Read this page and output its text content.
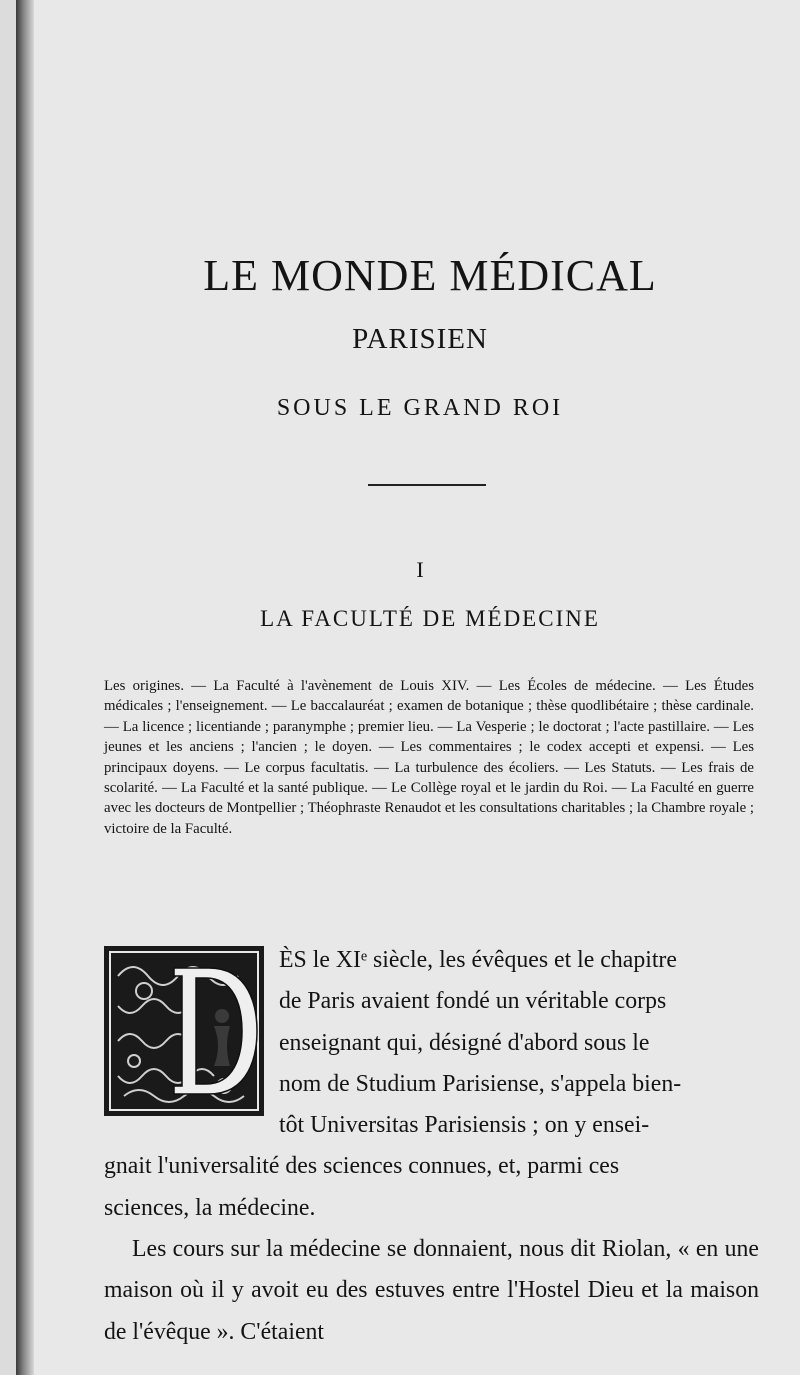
LE MONDE MÉDICAL
PARISIEN
SOUS LE GRAND ROI
I
LA FACULTÉ DE MÉDECINE
Les origines. — La Faculté à l'avènement de Louis XIV. — Les Écoles de médecine. — Les Études médicales ; l'enseignement. — Le baccalauréat ; examen de botanique ; thèse quodlibétaire ; thèse cardinale. — La licence ; licentiande ; paranymphe ; premier lieu. — La Vesperie ; le doctorat ; l'acte pastillaire. — Les jeunes et les anciens ; l'ancien ; le doyen. — Les commentaires ; le codex accepti et expensi. — Les principaux doyens. — Le corpus facultatis. — La turbulence des écoliers. — Les Statuts. — Les frais de scolarité. — La Faculté et la santé publique. — Le Collège royal et le jardin du Roi. — La Faculté en guerre avec les docteurs de Montpellier ; Théophraste Renaudot et les consultations charitables ; la Chambre royale ; victoire de la Faculté.

ÈS le XIᵉ siècle, les évêques et le chapitre
de Paris avaient fondé un véritable corps
enseignant qui, désigné d'abord sous le
nom de Studium Parisiense, s'appela bien-
tôt Universitas Parisiensis ; on y ensei-
gnait l'universalité des sciences connues, et, parmi ces
sciences, la médecine.

Les cours sur la médecine se donnaient, nous dit Riolan, « en une maison où il y avoit eu des estuves entre l'Hostel Dieu et la maison de l'évêque ». C'étaient
